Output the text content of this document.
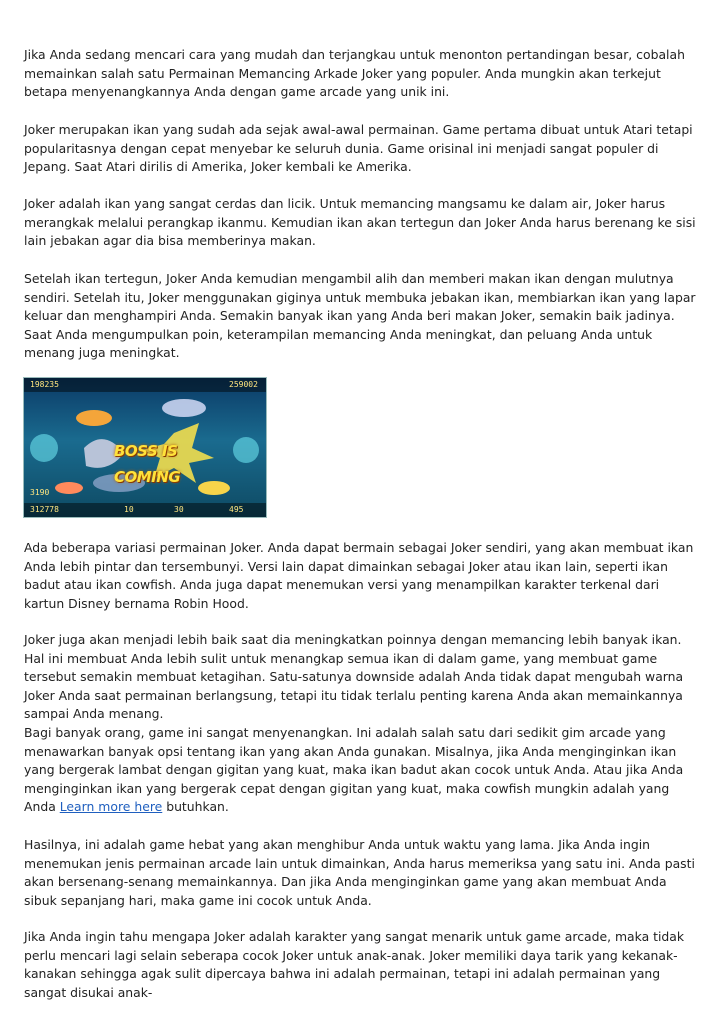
Jika Anda sedang mencari cara yang mudah dan terjangkau untuk menonton pertandingan besar, cobalah memainkan salah satu Permainan Memancing Arkade Joker yang populer. Anda mungkin akan terkejut betapa menyenangkannya Anda dengan game arcade yang unik ini.

Joker merupakan ikan yang sudah ada sejak awal-awal permainan. Game pertama dibuat untuk Atari tetapi popularitasnya dengan cepat menyebar ke seluruh dunia. Game orisinal ini menjadi sangat populer di Jepang. Saat Atari dirilis di Amerika, Joker kembali ke Amerika.

Joker adalah ikan yang sangat cerdas dan licik. Untuk memancing mangsamu ke dalam air, Joker harus merangkak melalui perangkap ikanmu. Kemudian ikan akan tertegun dan Joker Anda harus berenang ke sisi lain jebakan agar dia bisa memberinya makan.

Setelah ikan tertegun, Joker Anda kemudian mengambil alih dan memberi makan ikan dengan mulutnya sendiri. Setelah itu, Joker menggunakan giginya untuk membuka jebakan ikan, membiarkan ikan yang lapar keluar dan menghampiri Anda. Semakin banyak ikan yang Anda beri makan Joker, semakin baik jadinya. Saat Anda mengumpulkan poin, keterampilan memancing Anda meningkat, dan peluang Anda untuk menang juga meningkat.

198235	259002
BOSS IS COMING
312778	10	30	495
3190

Ada beberapa variasi permainan Joker. Anda dapat bermain sebagai Joker sendiri, yang akan membuat ikan Anda lebih pintar dan tersembunyi. Versi lain dapat dimainkan sebagai Joker atau ikan lain, seperti ikan badut atau ikan cowfish. Anda juga dapat menemukan versi yang menampilkan karakter terkenal dari kartun Disney bernama Robin Hood.

Joker juga akan menjadi lebih baik saat dia meningkatkan poinnya dengan memancing lebih banyak ikan. Hal ini membuat Anda lebih sulit untuk menangkap semua ikan di dalam game, yang membuat game tersebut semakin membuat ketagihan. Satu-satunya downside adalah Anda tidak dapat mengubah warna Joker Anda saat permainan berlangsung, tetapi itu tidak terlalu penting karena Anda akan memainkannya sampai Anda menang.

Bagi banyak orang, game ini sangat menyenangkan. Ini adalah salah satu dari sedikit gim arcade yang menawarkan banyak opsi tentang ikan yang akan Anda gunakan. Misalnya, jika Anda menginginkan ikan yang bergerak lambat dengan gigitan yang kuat, maka ikan badut akan cocok untuk Anda. Atau jika Anda menginginkan ikan yang bergerak cepat dengan gigitan yang kuat, maka cowfish mungkin adalah yang Anda Learn more here butuhkan.

Hasilnya, ini adalah game hebat yang akan menghibur Anda untuk waktu yang lama. Jika Anda ingin menemukan jenis permainan arcade lain untuk dimainkan, Anda harus memeriksa yang satu ini. Anda pasti akan bersenang-senang memainkannya. Dan jika Anda menginginkan game yang akan membuat Anda sibuk sepanjang hari, maka game ini cocok untuk Anda.

Jika Anda ingin tahu mengapa Joker adalah karakter yang sangat menarik untuk game arcade, maka tidak perlu mencari lagi selain seberapa cocok Joker untuk anak-anak. Joker memiliki daya tarik yang kekanak-kanakan sehingga agak sulit dipercaya bahwa ini adalah permainan, tetapi ini adalah permainan yang sangat disukai anak-
